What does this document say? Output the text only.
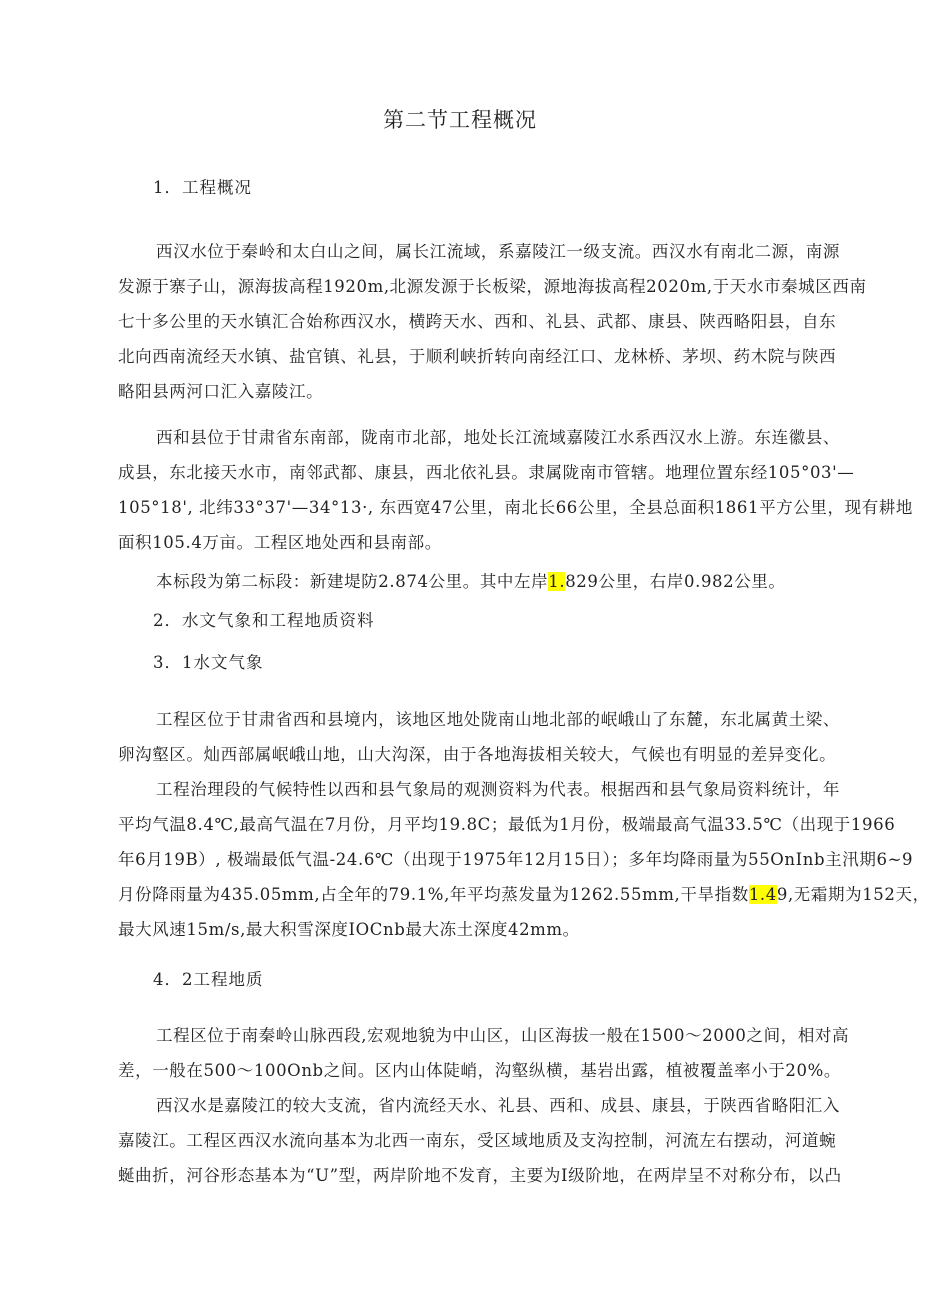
第二节工程概况
1．工程概况
西汉水位于秦岭和太白山之间，属长江流域，系嘉陵江一级支流。西汉水有南北二源，南源
发源于寨子山，源海拔高程1920m,北源发源于长板梁，源地海拔高程2020m,于天水市秦城区西南
七十多公里的天水镇汇合始称西汉水，横跨天水、西和、礼县、武都、康县、陕西略阳县，自东
北向西南流经天水镇、盐官镇、礼县，于顺利峡折转向南经江口、龙林桥、茅坝、药木院与陕西
略阳县两河口汇入嘉陵江。
西和县位于甘肃省东南部，陇南市北部，地处长江流域嘉陵江水系西汉水上游。东连徽县、
成县，东北接天水市，南邻武都、康县，西北依礼县。隶属陇南市管辖。地理位置东经105°03'—
105°18', 北纬33°37'—34°13·, 东西宽47公里，南北长66公里，全县总面积1861平方公里，现有耕地
面积105.4万亩。工程区地处西和县南部。
本标段为第二标段：新建堤防2.874公里。其中左岸1.829公里，右岸0.982公里。
2．水文气象和工程地质资料
3．1水文气象
工程区位于甘肃省西和县境内，该地区地处陇南山地北部的岷峨山了东麓，东北属黄土梁、
卵沟壑区。灿西部属岷峨山地，山大沟深，由于各地海拔相关较大，气候也有明显的差异变化。
工程治理段的气候特性以西和县气象局的观测资料为代表。根据西和县气象局资料统计，年
平均气温8.4℃,最高气温在7月份，月平均19.8C；最低为1月份，极端最高气温33.5℃（出现于1966
年6月19B）, 极端最低气温-24.6℃（出现于1975年12月15日）；多年均降雨量为55OnInb主汛期6~9
月份降雨量为435.05mm,占全年的79.1%,年平均蒸发量为1262.55mm,干旱指数1.49,无霜期为152天，
最大风速15m∕s,最大积雪深度IOCnb最大冻土深度42mm。
4．2工程地质
工程区位于南秦岭山脉西段,宏观地貌为中山区，山区海拔一般在1500～2000之间，相对高
差，一般在500～100Onb之间。区内山体陡峭，沟壑纵横，基岩出露，植被覆盖率小于20%。
西汉水是嘉陵江的较大支流，省内流经天水、礼县、西和、成县、康县，于陕西省略阳汇入
嘉陵江。工程区西汉水流向基本为北西一南东，受区域地质及支沟控制，河流左右摆动，河道蜿
蜒曲折，河谷形态基本为“U”型，两岸阶地不发育，主要为I级阶地，在两岸呈不对称分布，以凸
